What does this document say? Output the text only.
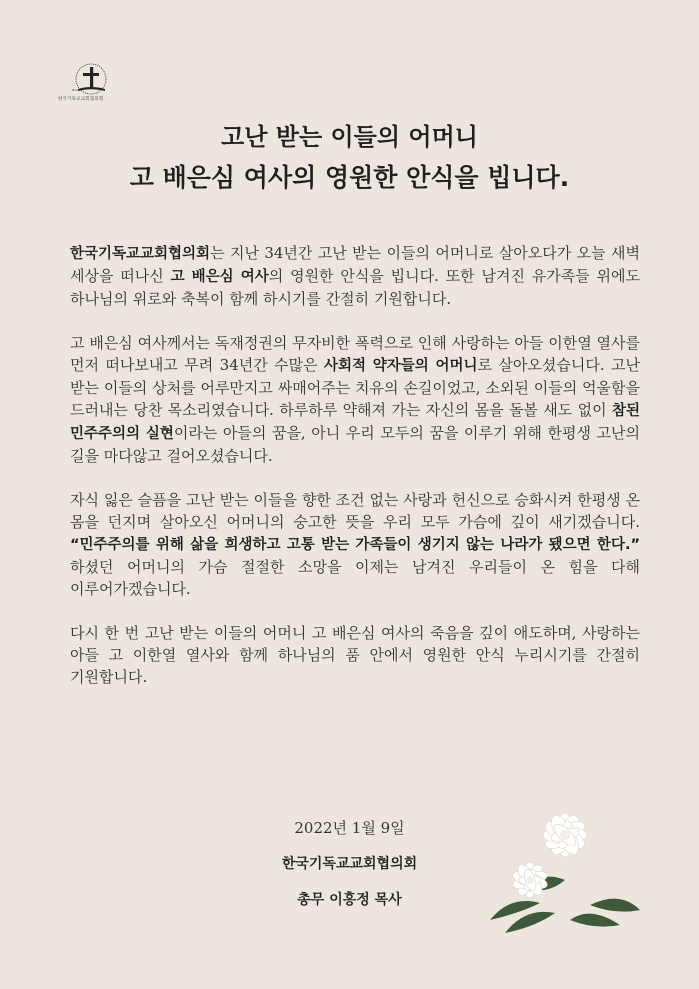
NCCK
한국기독교교회협의회
고난 받는 이들의 어머니
고 배은심 여사의 영원한 안식을 빕니다.

한국기독교교회협의회는 지난 34년간 고난 받는 이들의 어머니로 살아오다가 오늘 새벽 세상을 떠나신 고 배은심 여사의 영원한 안식을 빕니다. 또한 남겨진 유가족들 위에도 하나님의 위로와 축복이 함께 하시기를 간절히 기원합니다.

고 배은심 여사께서는 독재정권의 무자비한 폭력으로 인해 사랑하는 아들 이한열 열사를 먼저 떠나보내고 무려 34년간 수많은 사회적 약자들의 어머니로 살아오셨습니다. 고난 받는 이들의 상처를 어루만지고 싸매어주는 치유의 손길이었고, 소외된 이들의 억울함을 드러내는 당찬 목소리였습니다. 하루하루 약해져 가는 자신의 몸을 돌볼 새도 없이 참된 민주주의의 실현이라는 아들의 꿈을, 아니 우리 모두의 꿈을 이루기 위해 한평생 고난의 길을 마다않고 걸어오셨습니다.

자식 잃은 슬픔을 고난 받는 이들을 향한 조건 없는 사랑과 헌신으로 승화시켜 한평생 온 몸을 던지며 살아오신 어머니의 숭고한 뜻을 우리 모두 가슴에 깊이 새기겠습니다. “민주주의를 위해 삶을 희생하고 고통 받는 가족들이 생기지 않는 나라가 됐으면 한다.” 하셨던 어머니의 가슴 절절한 소망을 이제는 남겨진 우리들이 온 힘을 다해 이루어가겠습니다.

다시 한 번 고난 받는 이들의 어머니 고 배은심 여사의 죽음을 깊이 애도하며, 사랑하는 아들 고 이한열 열사와 함께 하나님의 품 안에서 영원한 안식 누리시기를 간절히 기원합니다.

2022년 1월 9일
한국기독교교회협의회
총무 이홍정 목사
